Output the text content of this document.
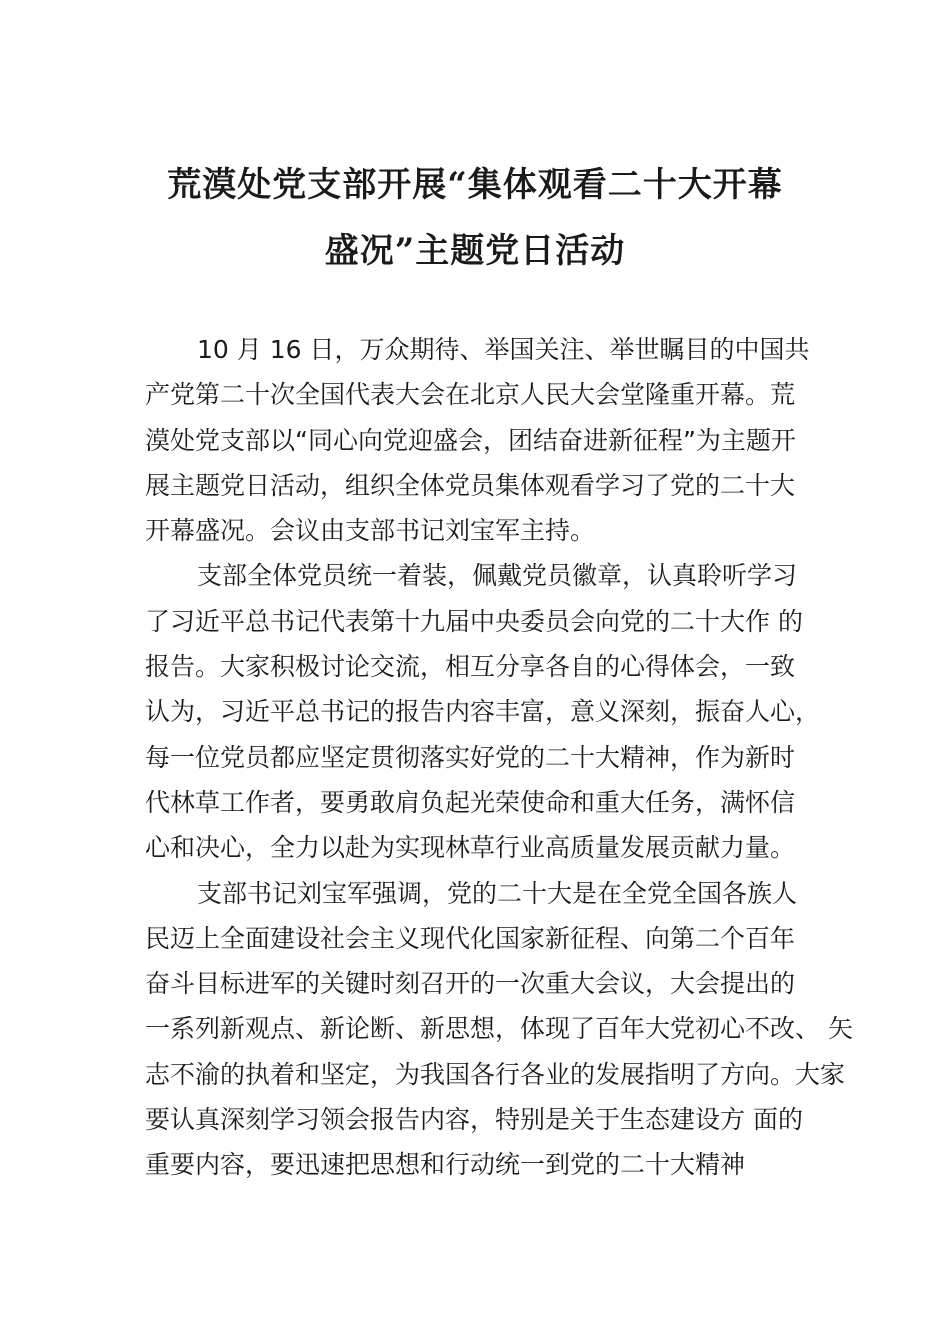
荒漠处党支部开展“集体观看二十大开幕
盛况”主题党日活动
10 月 16 日，万众期待、举国关注、举世瞩目的中国共
产党第二十次全国代表大会在北京人民大会堂隆重开幕。荒
漠处党支部以“同心向党迎盛会，团结奋进新征程”为主题开
展主题党日活动，组织全体党员集体观看学习了党的二十大
开幕盛况。会议由支部书记刘宝军主持。
支部全体党员统一着装，佩戴党员徽章，认真聆听学习
了习近平总书记代表第十九届中央委员会向党的二十大作 的
报告。大家积极讨论交流，相互分享各自的心得体会，一致
认为，习近平总书记的报告内容丰富，意义深刻，振奋人心，
每一位党员都应坚定贯彻落实好党的二十大精神，作为新时
代林草工作者，要勇敢肩负起光荣使命和重大任务，满怀信
心和决心，全力以赴为实现林草行业高质量发展贡献力量。
支部书记刘宝军强调，党的二十大是在全党全国各族人
民迈上全面建设社会主义现代化国家新征程、向第二个百年
奋斗目标进军的关键时刻召开的一次重大会议，大会提出的
一系列新观点、新论断、新思想，体现了百年大党初心不改、 矢
志不渝的执着和坚定，为我国各行各业的发展指明了方向。大家
要认真深刻学习领会报告内容，特别是关于生态建设方 面的
重要内容，要迅速把思想和行动统一到党的二十大精神
